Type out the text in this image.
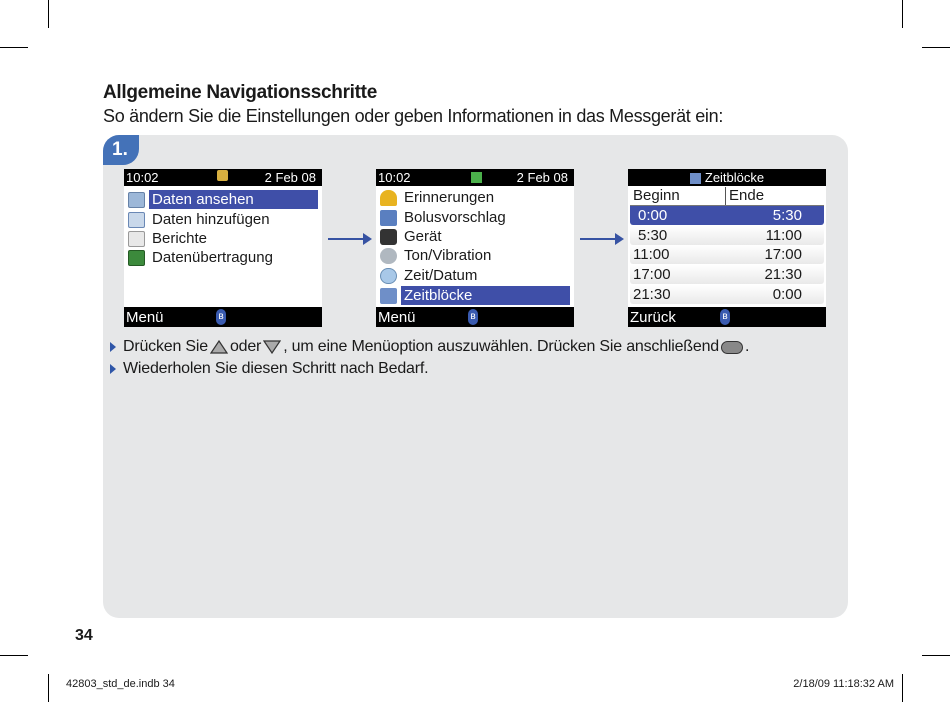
Allgemeine Navigationsschritte
So ändern Sie die Einstellungen oder geben Informationen in das Messgerät ein:
1.
10:02	2 Feb 08
Daten ansehen
Daten hinzufügen
Berichte
Datenübertragung
Menü	ʙ
10:02	2 Feb 08
Erinnerungen
Bolusvorschlag
Gerät
Ton/Vibration
Zeit/Datum
Zeitblöcke
Menü	ʙ
Zeitblöcke
Beginn	Ende
0:00	5:30
5:30	11:00
11:00	17:00
17:00	21:30
21:30	0:00
Zurück	ʙ
Drücken Sie oder , um eine Menüoption auszuwählen. Drücken Sie anschließend .
Wiederholen Sie diesen Schritt nach Bedarf.
34
42803_std_de.indb 34	2/18/09 11:18:32 AM
